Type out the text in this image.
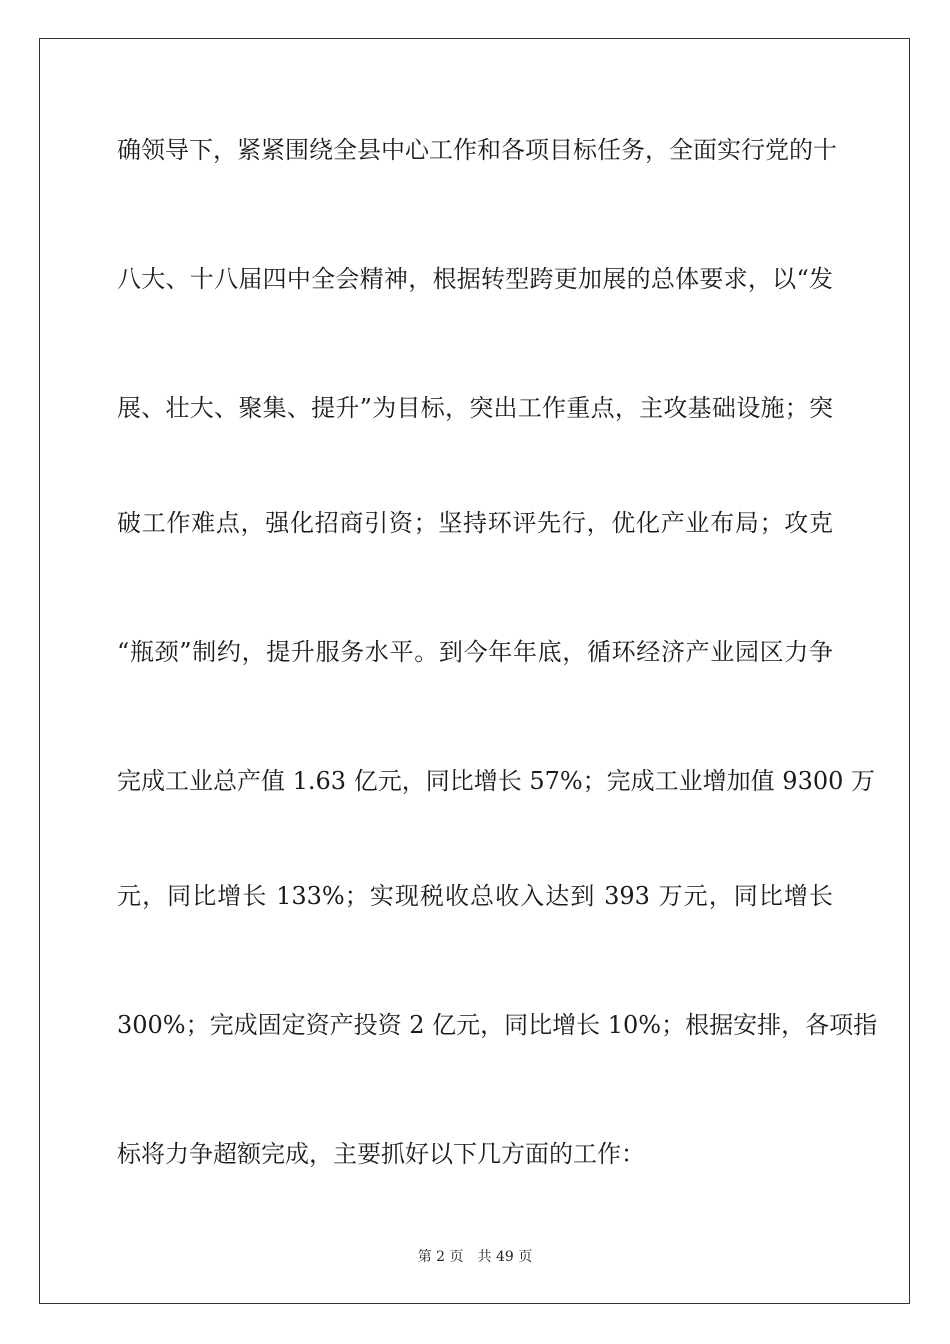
确领导下，紧紧围绕全县中心工作和各项目标任务，全面实行党的十
八大、十八届四中全会精神，根据转型跨更加展的总体要求，以“发
展、壮大、聚集、提升”为目标，突出工作重点，主攻基础设施；突
破工作难点，强化招商引资；坚持环评先行，优化产业布局；攻克
“瓶颈”制约，提升服务水平。到今年年底，循环经济产业园区力争
完成工业总产值 1.63 亿元，同比增长 57%；完成工业增加值 9300 万
元，同比增长 133%；实现税收总收入达到 393 万元，同比增长
300%；完成固定资产投资 2 亿元，同比增长 10%；根据安排，各项指
标将力争超额完成，主要抓好以下几方面的工作：
第 2 页　共 49 页
